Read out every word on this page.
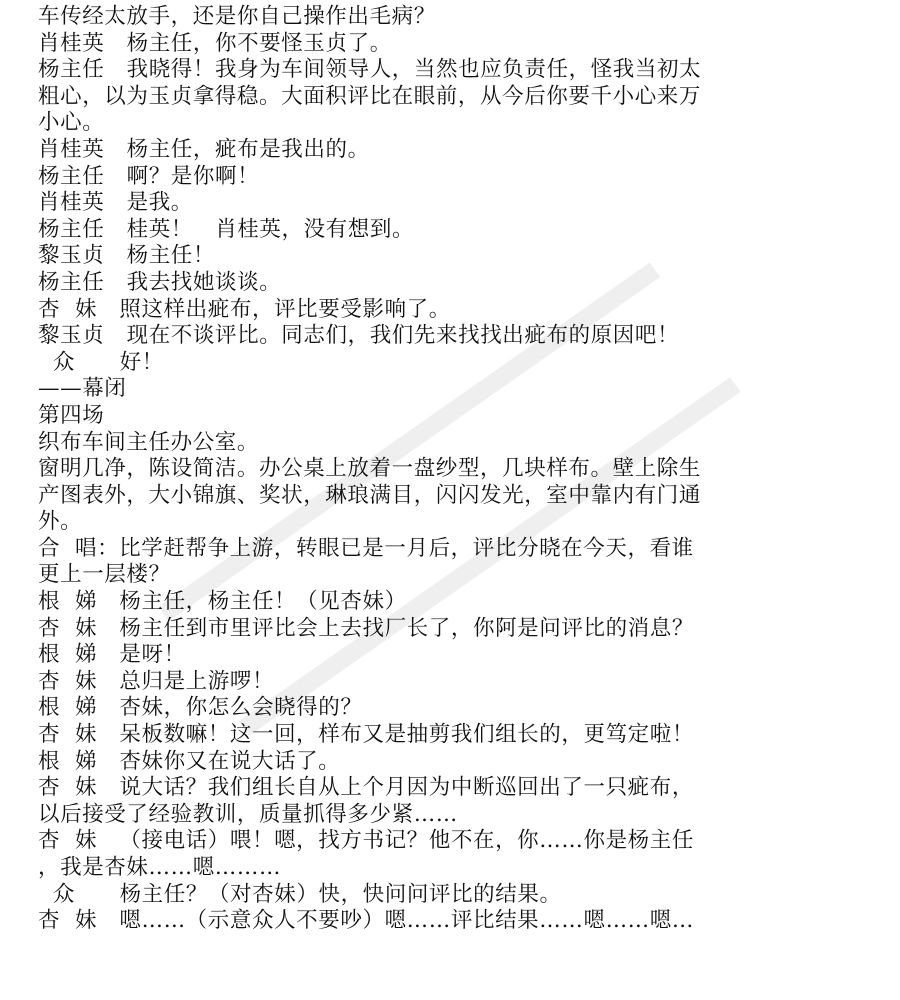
车传经太放手，还是你自己操作出毛病？
肖桂英   杨主任，你不要怪玉贞了。
杨主任   我晓得！我身为车间领导人，当然也应负责任，怪我当初太
粗心，以为玉贞拿得稳。大面积评比在眼前，从今后你要千小心来万
小心。
肖桂英   杨主任，疵布是我出的。
杨主任   啊？是你啊！
肖桂英   是我。
杨主任   桂英！   肖桂英，没有想到。
黎玉贞   杨主任！
杨主任   我去找她谈谈。
杏  妹   照这样出疵布，评比要受影响了。
黎玉贞   现在不谈评比。同志们，我们先来找找出疵布的原因吧！
众      好！
——幕闭
第四场
织布车间主任办公室。
窗明几净，陈设简洁。办公桌上放着一盘纱型，几块样布。壁上除生
产图表外，大小锦旗、奖状，琳琅满目，闪闪发光，室中靠内有门通
外。
合  唱：比学赶帮争上游，转眼已是一月后，评比分晓在今天，看谁
更上一层楼？
根  娣   杨主任，杨主任！（见杏妹）
杏  妹   杨主任到市里评比会上去找厂长了，你阿是问评比的消息？
根  娣   是呀！
杏  妹   总归是上游啰！
根  娣   杏妹，你怎么会晓得的？
杏  妹   呆板数嘛！这一回，样布又是抽剪我们组长的，更笃定啦！
根  娣   杏妹你又在说大话了。
杏  妹   说大话？我们组长自从上个月因为中断巡回出了一只疵布，
以后接受了经验教训，质量抓得多少紧……
杏  妹   （接电话）喂！嗯，找方书记？他不在，你……你是杨主任
，我是杏妹……嗯………
众      杨主任？（对杏妹）快，快问问评比的结果。
杏  妹   嗯……（示意众人不要吵）嗯……评比结果……嗯……嗯…
